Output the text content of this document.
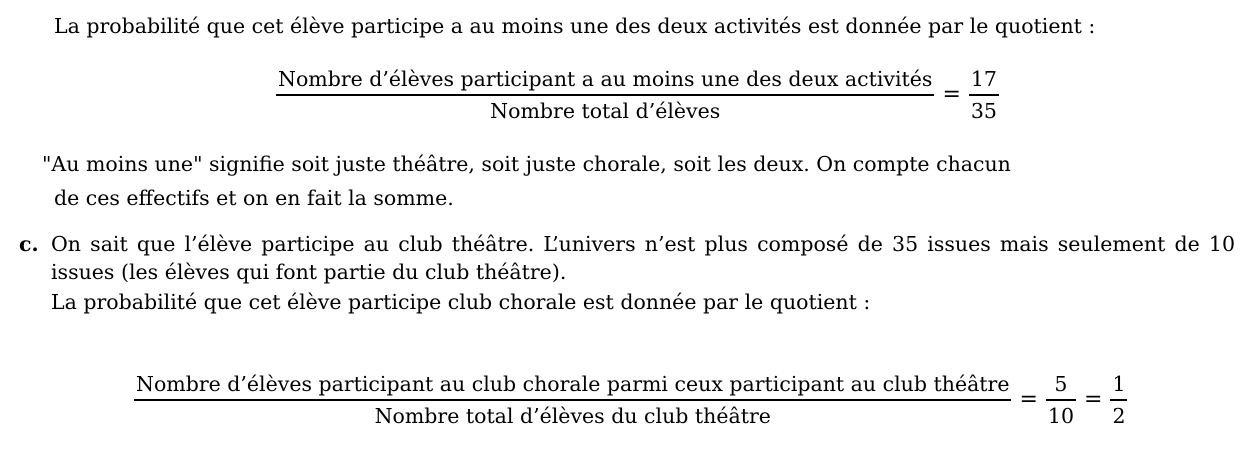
La probabilité que cet élève participe a au moins une des deux activités est donnée par le quotient :
Nombre d’élèves participant a au moins une des deux activités
Nombre total d’élèves
= $\frac{17}{35}$
"Au moins une" signifie soit juste théâtre, soit juste chorale, soit les deux. On compte chacun
de ces effectifs et on en fait la somme.
c. On sait que l’élève participe au club théâtre. L’univers n’est plus composé de 35 issues mais seulement de 10
issues (les élèves qui font partie du club théâtre).
La probabilité que cet élève participe club chorale est donnée par le quotient :
Nombre d’élèves participant au club chorale parmi ceux participant au club théâtre
Nombre total d’élèves du club théâtre
= $\frac{5}{10} = \frac{1}{2}$
